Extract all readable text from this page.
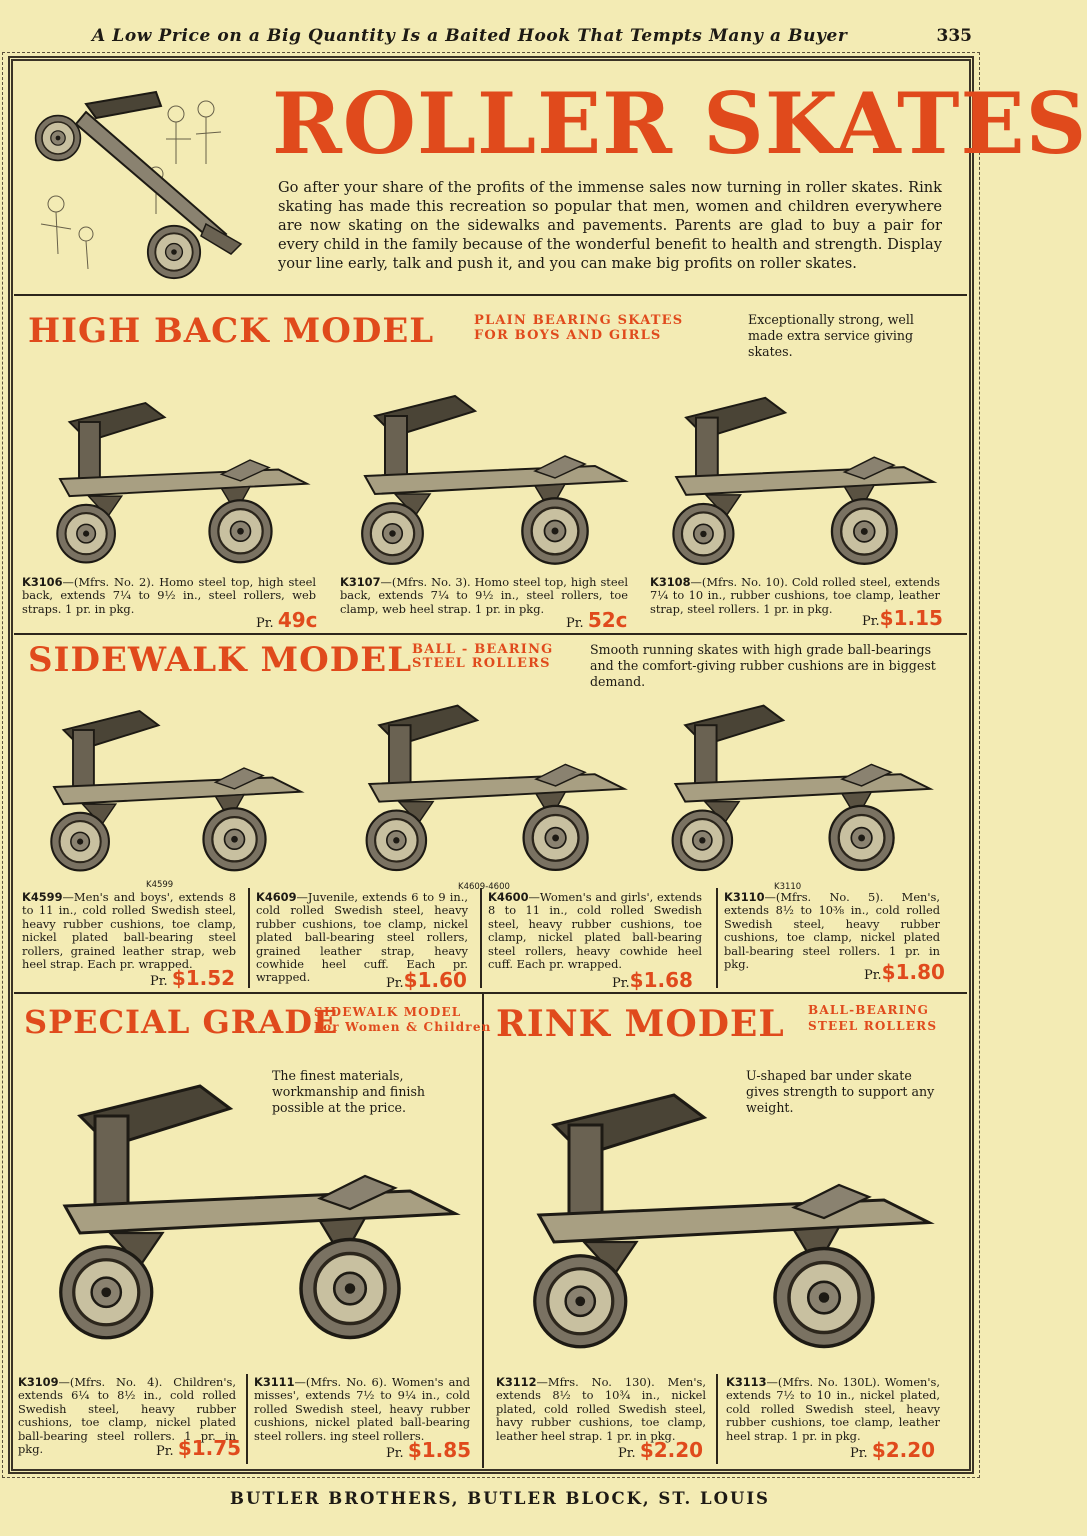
A Low Price on a Big Quantity Is a Baited Hook That Tempts Many a Buyer	335
ROLLER SKATES
Go after your share of the profits of the immense sales now turning in roller skates. Rink skating has made this recreation so popular that men, women and children everywhere are now skating on the sidewalks and pavements. Parents are glad to buy a pair for every child in the family because of the wonderful benefit to health and strength. Display your line early, talk and push it, and you can make big profits on roller skates.
HIGH BACK MODEL	PLAIN BEARING SKATES
FOR BOYS AND GIRLS
Exceptionally strong, well made extra service giving skates.
K3106—(Mfrs. No. 2). Homo steel top, high steel back, extends 7¼ to 9½ in., steel rollers, web straps. 1 pr. in pkg.
Pr. 49c
K3107—(Mfrs. No. 3). Homo steel top, high steel back, extends 7¼ to 9½ in., steel rollers, toe clamp, web heel strap. 1 pr. in pkg.
Pr. 52c
K3108—(Mfrs. No. 10). Cold rolled steel, extends 7¼ to 10 in., rubber cushions, toe clamp, leather strap, steel rollers. 1 pr. in pkg.
Pr.$1.15
SIDEWALK MODEL BALL - BEARING
STEEL ROLLERS
Smooth running skates with high grade ball-bearings and the comfort-giving rubber cushions are in biggest demand.
K4599	K4609-4600	K3110
K4599—Men's and boys', extends 8 to 11 in., cold rolled Swedish steel, heavy rubber cushions, toe clamp, nickel plated ball-bearing steel rollers, grained leather strap, web heel strap. Each pr. wrapped.
Pr. $1.52
K4609—Juvenile, extends 6 to 9 in., cold rolled Swedish steel, heavy rubber cushions, toe clamp, nickel plated ball-bearing steel rollers, grained leather strap, heavy cowhide heel cuff. Each pr. wrapped.	Pr.$1.60
K4600—Women's and girls', extends 8 to 11 in., cold rolled Swedish steel, heavy rubber cushions, toe clamp, nickel plated ball-bearing steel rollers, heavy cowhide heel cuff. Each pr. wrapped.
Pr.$1.68
K3110—(Mfrs. No. 5). Men's, extends 8½ to 10⅜ in., cold rolled Swedish steel, heavy rubber cushions, toe clamp, nickel plated ball-bearing steel rollers. 1 pr. in pkg.
Pr.$1.80
SPECIAL GRADE
SIDEWALK MODEL
For Women & Children
The finest materials, workmanship and finish possible at the price.
K3109—(Mfrs. No. 4). Children's, extends 6¼ to 8½ in., cold rolled Swedish steel, heavy rubber cushions, toe clamp, nickel plated ball-bearing steel rollers. 1 pr. in pkg.	Pr. $1.75
K3111—(Mfrs. No. 6). Women's and misses', extends 7½ to 9¼ in., cold rolled Swedish steel, heavy rubber cushions, nickel plated ball-bearing steel rollers. ing steel rollers.
Pr. $1.85
RINK MODEL BALL-BEARING
STEEL ROLLERS
U-shaped bar under skate gives strength to support any weight.
K3112—Mfrs. No. 130). Men's, extends 8½ to 10¾ in., nickel plated, cold rolled Swedish steel, havy rubber cushions, toe clamp, leather heel strap. 1 pr. in pkg.
Pr. $2.20
K3113—(Mfrs. No. 130L). Women's, extends 7½ to 10 in., nickel plated, cold rolled Swedish steel, heavy rubber cushions, toe clamp, leather heel strap. 1 pr. in pkg.
Pr. $2.20
BUTLER BROTHERS, BUTLER BLOCK, ST. LOUIS
